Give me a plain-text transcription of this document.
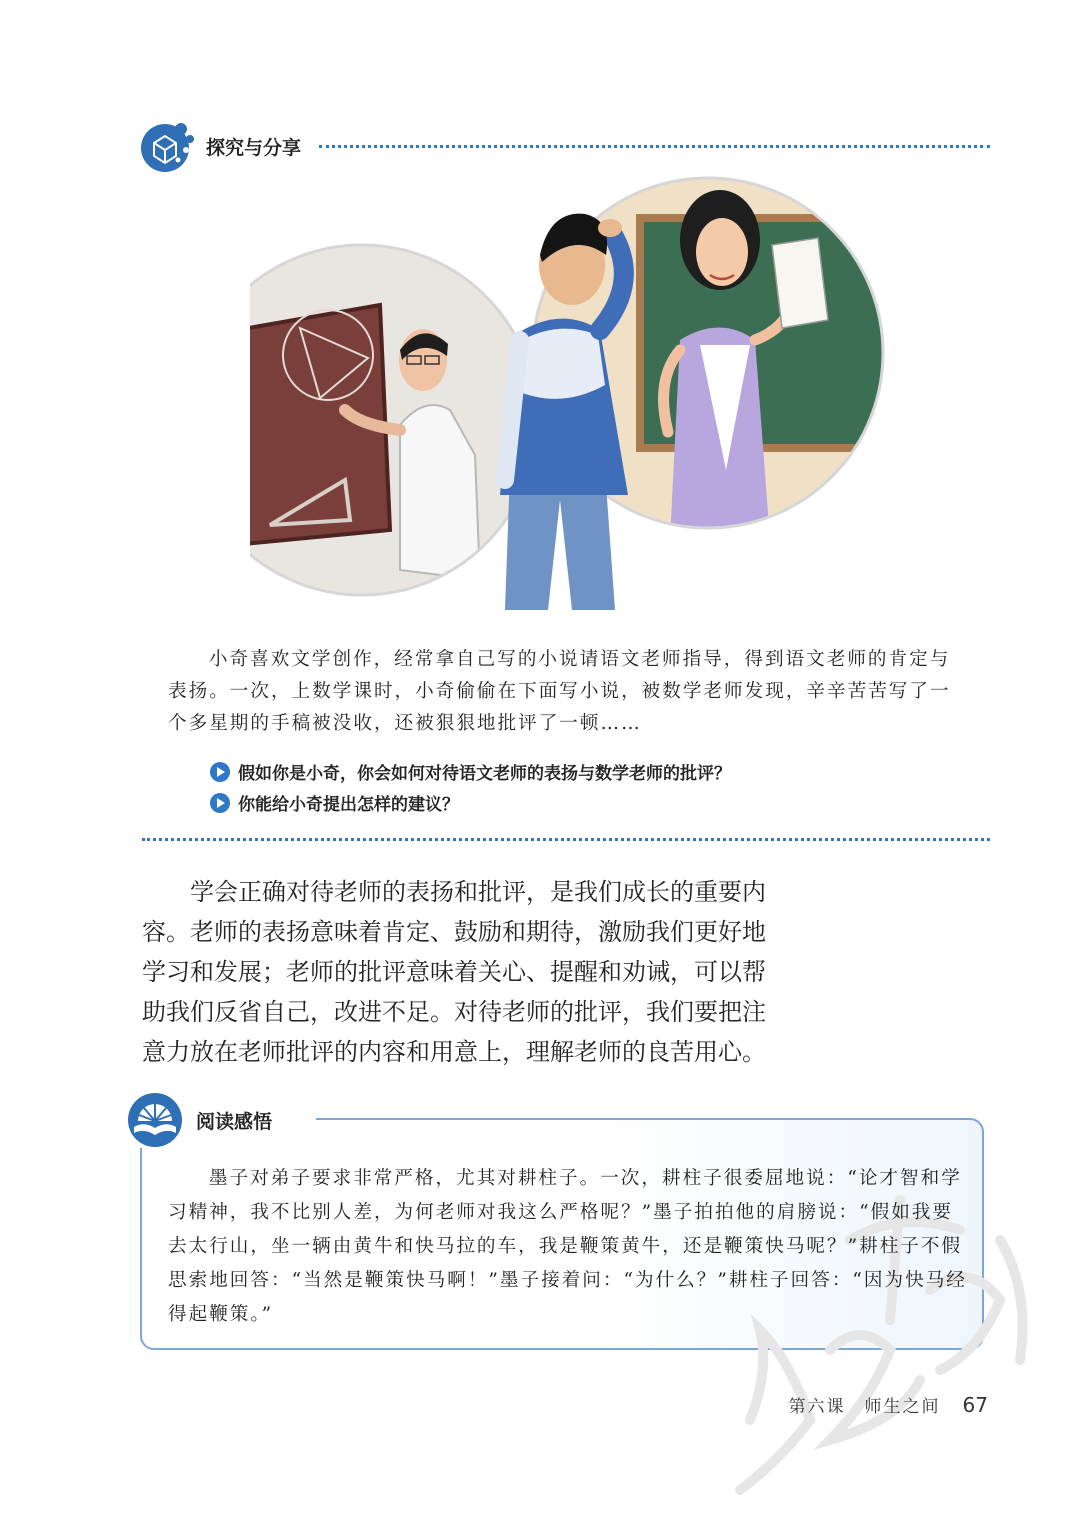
探究与分享

小奇喜欢文学创作，经常拿自己写的小说请语文老师指导，得到语文老师的肯定与表扬。一次，上数学课时，小奇偷偷在下面写小说，被数学老师发现，辛辛苦苦写了一个多星期的手稿被没收，还被狠狠地批评了一顿……

假如你是小奇，你会如何对待语文老师的表扬与数学老师的批评？
你能给小奇提出怎样的建议？

学会正确对待老师的表扬和批评，是我们成长的重要内容。老师的表扬意味着肯定、鼓励和期待，激励我们更好地学习和发展；老师的批评意味着关心、提醒和劝诫，可以帮助我们反省自己，改进不足。对待老师的批评，我们要把注意力放在老师批评的内容和用意上，理解老师的良苦用心。

阅读感悟

墨子对弟子要求非常严格，尤其对耕柱子。一次，耕柱子很委屈地说：“论才智和学习精神，我不比别人差，为何老师对我这么严格呢？”墨子拍拍他的肩膀说：“假如我要去太行山，坐一辆由黄牛和快马拉的车，我是鞭策黄牛，还是鞭策快马呢？”耕柱子不假思索地回答：“当然是鞭策快马啊！”墨子接着问：“为什么？”耕柱子回答：“因为快马经得起鞭策。”

第六课　师生之间 67
